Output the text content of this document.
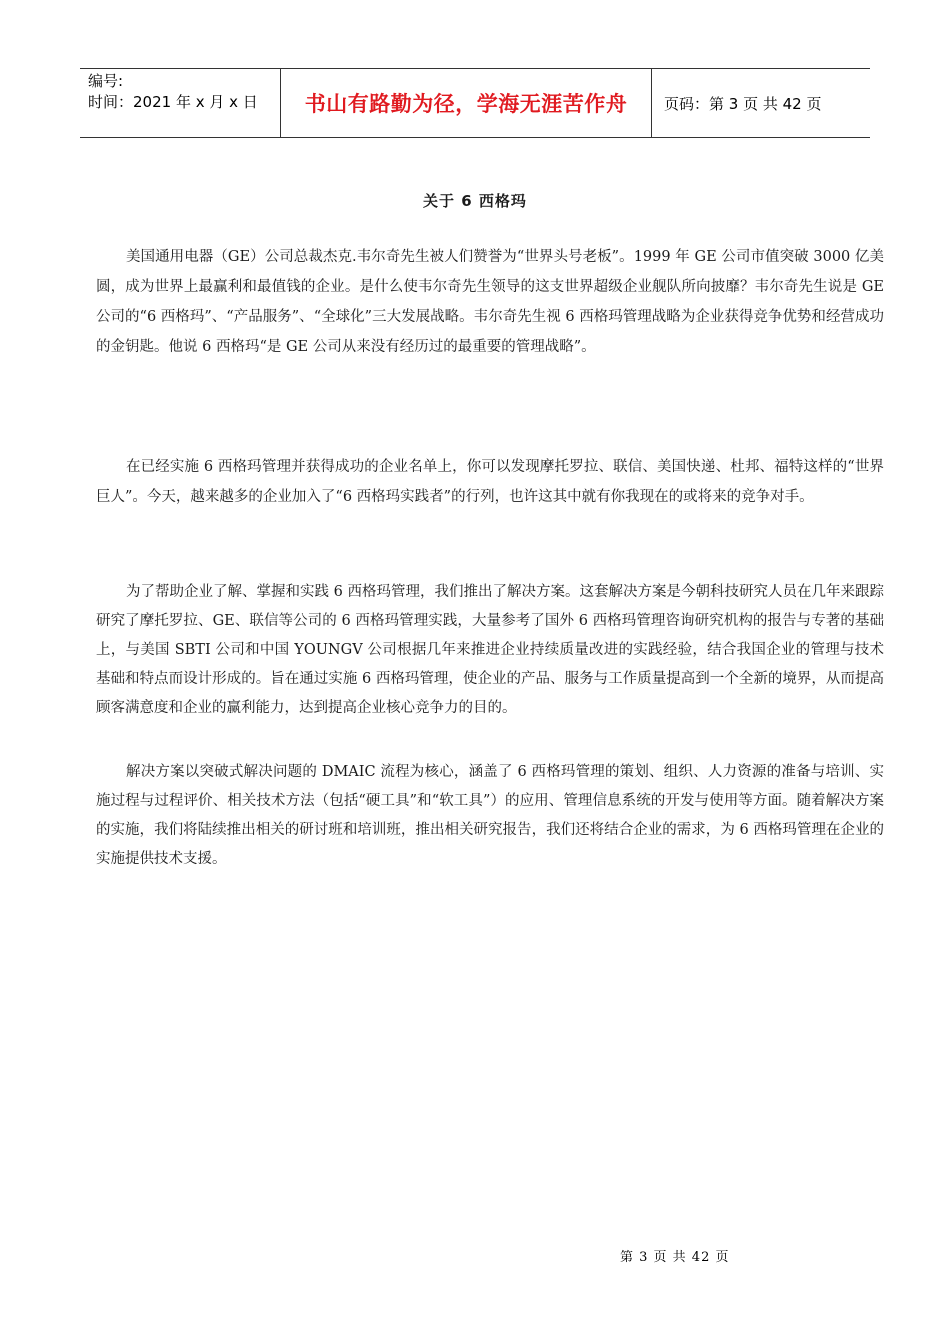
编号:
时间：2021 年 x 月 x 日	书山有路勤为径，学海无涯苦作舟	页码：第 3 页 共 42 页
关于 6 西格玛

美国通用电器（GE）公司总裁杰克.韦尔奇先生被人们赞誉为“世界头号老板”。1999 年 GE 公司市值突破 3000 亿美圆，成为世界上最赢利和最值钱的企业。是什么使韦尔奇先生领导的这支世界超级企业舰队所向披靡？韦尔奇先生说是 GE 公司的“6 西格玛”、“产品服务”、“全球化”三大发展战略。韦尔奇先生视 6 西格玛管理战略为企业获得竞争优势和经营成功的金钥匙。他说 6 西格玛“是 GE 公司从来没有经历过的最重要的管理战略”。

在已经实施 6 西格玛管理并获得成功的企业名单上，你可以发现摩托罗拉、联信、美国快递、杜邦、福特这样的“世界巨人”。今天，越来越多的企业加入了“6 西格玛实践者”的行列，也许这其中就有你我现在的或将来的竞争对手。

为了帮助企业了解、掌握和实践 6 西格玛管理，我们推出了解决方案。这套解决方案是今朝科技研究人员在几年来跟踪研究了摩托罗拉、GE、联信等公司的 6 西格玛管理实践，大量参考了国外 6 西格玛管理咨询研究机构的报告与专著的基础上，与美国 SBTI 公司和中国 YOUNGV 公司根据几年来推进企业持续质量改进的实践经验，结合我国企业的管理与技术基础和特点而设计形成的。旨在通过实施 6 西格玛管理，使企业的产品、服务与工作质量提高到一个全新的境界，从而提高顾客满意度和企业的赢利能力，达到提高企业核心竞争力的目的。

解决方案以突破式解决问题的 DMAIC 流程为核心，涵盖了 6 西格玛管理的策划、组织、人力资源的准备与培训、实施过程与过程评价、相关技术方法（包括“硬工具”和“软工具”）的应用、管理信息系统的开发与使用等方面。随着解决方案的实施，我们将陆续推出相关的研讨班和培训班，推出相关研究报告，我们还将结合企业的需求，为 6 西格玛管理在企业的实施提供技术支援。

第 3 页 共 42 页
